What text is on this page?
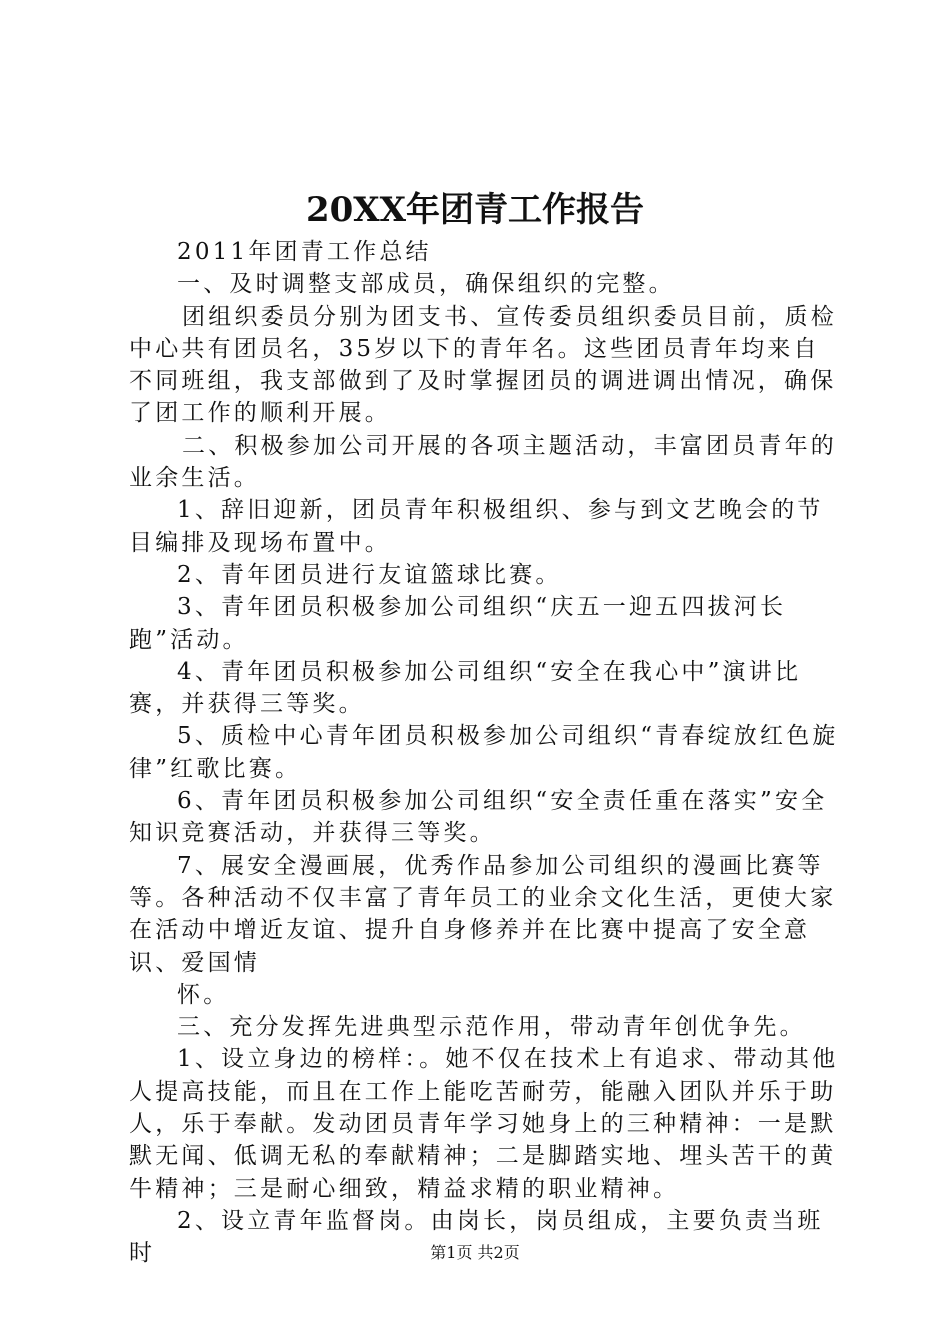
20XX年团青工作报告

2011年团青工作总结

一、及时调整支部成员，确保组织的完整。

团组织委员分别为团支书、宣传委员组织委员目前，质检中心共有团员名，35岁以下的青年名。这些团员青年均来自不同班组，我支部做到了及时掌握团员的调进调出情况，确保了团工作的顺利开展。

二、积极参加公司开展的各项主题活动，丰富团员青年的业余生活。

1、辞旧迎新，团员青年积极组织、参与到文艺晚会的节目编排及现场布置中。

2、青年团员进行友谊篮球比赛。

3、青年团员积极参加公司组织“庆五一迎五四拔河长跑”活动。

4、青年团员积极参加公司组织“安全在我心中”演讲比赛，并获得三等奖。

5、质检中心青年团员积极参加公司组织“青春绽放红色旋律”红歌比赛。

6、青年团员积极参加公司组织“安全责任重在落实”安全知识竞赛活动，并获得三等奖。

7、展安全漫画展，优秀作品参加公司组织的漫画比赛等等。各种活动不仅丰富了青年员工的业余文化生活，更使大家在活动中增近友谊、提升自身修养并在比赛中提高了安全意识、爱国情

怀。

三、充分发挥先进典型示范作用，带动青年创优争先。

1、设立身边的榜样：。她不仅在技术上有追求、带动其他人提高技能，而且在工作上能吃苦耐劳，能融入团队并乐于助人，乐于奉献。发动团员青年学习她身上的三种精神：一是默默无闻、低调无私的奉献精神；二是脚踏实地、埋头苦干的黄牛精神；三是耐心细致，精益求精的职业精神。

2、设立青年监督岗。由岗长，岗员组成，主要负责当班时	第1页 共2页
